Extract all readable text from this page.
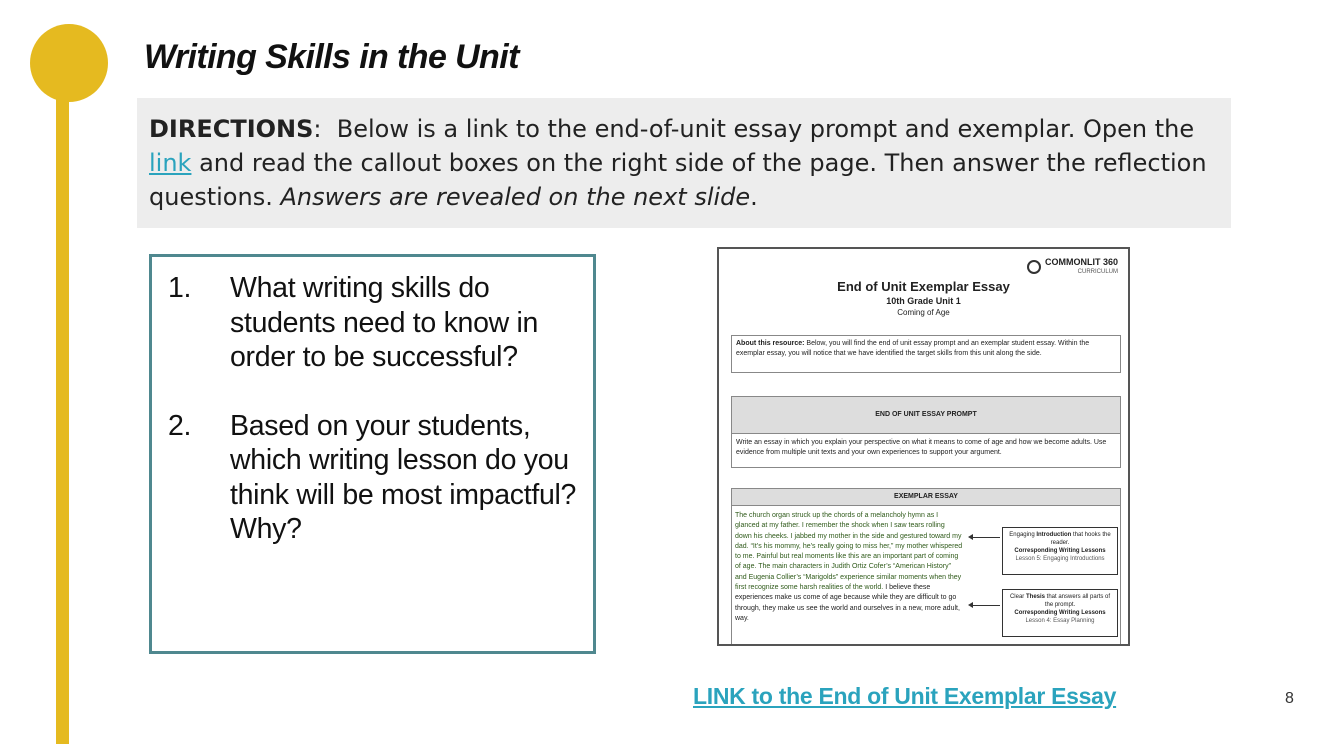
Writing Skills in the Unit
DIRECTIONS:  Below is a link to the end-of-unit essay prompt and exemplar. Open the link and read the callout boxes on the right side of the page. Then answer the reflection questions. Answers are revealed on the next slide.
1.	What writing skills do students need to know in order to be successful?
2.	Based on your students, which writing lesson do you think will be most impactful? Why?
COMMONLIT 360
CURRICULUM
End of Unit Exemplar Essay
10th Grade Unit 1
Coming of Age
About this resource: Below, you will find the end of unit essay prompt and an exemplar student essay. Within the exemplar essay, you will notice that we have identified the target skills from this unit along the side.
END OF UNIT ESSAY PROMPT
Write an essay in which you explain your perspective on what it means to come of age and how we become adults. Use evidence from multiple unit texts and your own experiences to support your argument.
EXEMPLAR ESSAY
The church organ struck up the chords of a melancholy hymn as I glanced at my father. I remember the shock when I saw tears rolling down his cheeks. I jabbed my mother in the side and gestured toward my dad. “It’s his mommy, he’s really going to miss her,” my mother whispered to me. Painful but real moments like this are an important part of coming of age. The main characters in Judith Ortiz Cofer’s “American History” and Eugenia Collier’s “Marigolds” experience similar moments when they first recognize some harsh realities of the world. I believe these experiences make us come of age because while they are difficult to go through, they make us see the world and ourselves in a new, more adult, way.
Engaging Introduction that hooks the reader.
Corresponding Writing Lessons
Lesson 5: Engaging Introductions
Clear Thesis that answers all parts of the prompt.
Corresponding Writing Lessons
Lesson 4: Essay Planning
LINK to the End of Unit Exemplar Essay	8
